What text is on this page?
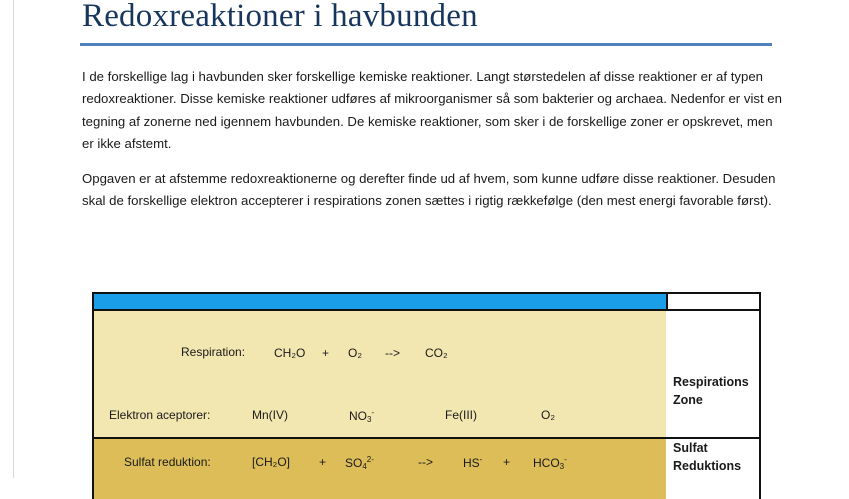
Redoxreaktioner i havbunden

I de forskellige lag i havbunden sker forskellige kemiske reaktioner. Langt størstedelen af disse reaktioner er af typen redoxreaktioner. Disse kemiske reaktioner udføres af mikroorganismer så som bakterier og archaea. Nedenfor er vist en tegning af zonerne ned igennem havbunden. De kemiske reaktioner, som sker i de forskellige zoner er opskrevet, men er ikke afstemt.

Opgaven er at afstemme redoxreaktionerne og derefter finde ud af hvem, som kunne udføre disse reaktioner. Desuden skal de forskellige elektron accepterer i respirations zonen sættes i rigtig rækkefølge (den mest energi favorable først).

Respiration: CH₂O + O₂ --> CO₂
Elektron aceptorer:	Mn(IV)	$NO_3^-$	Fe(III)	O₂
Respirations
Zone
Sulfat reduktion:	$[CH_2O] + SO_4^{2-}$	-->	$HS^- + HCO_3^-$
Sulfat
Reduktions
